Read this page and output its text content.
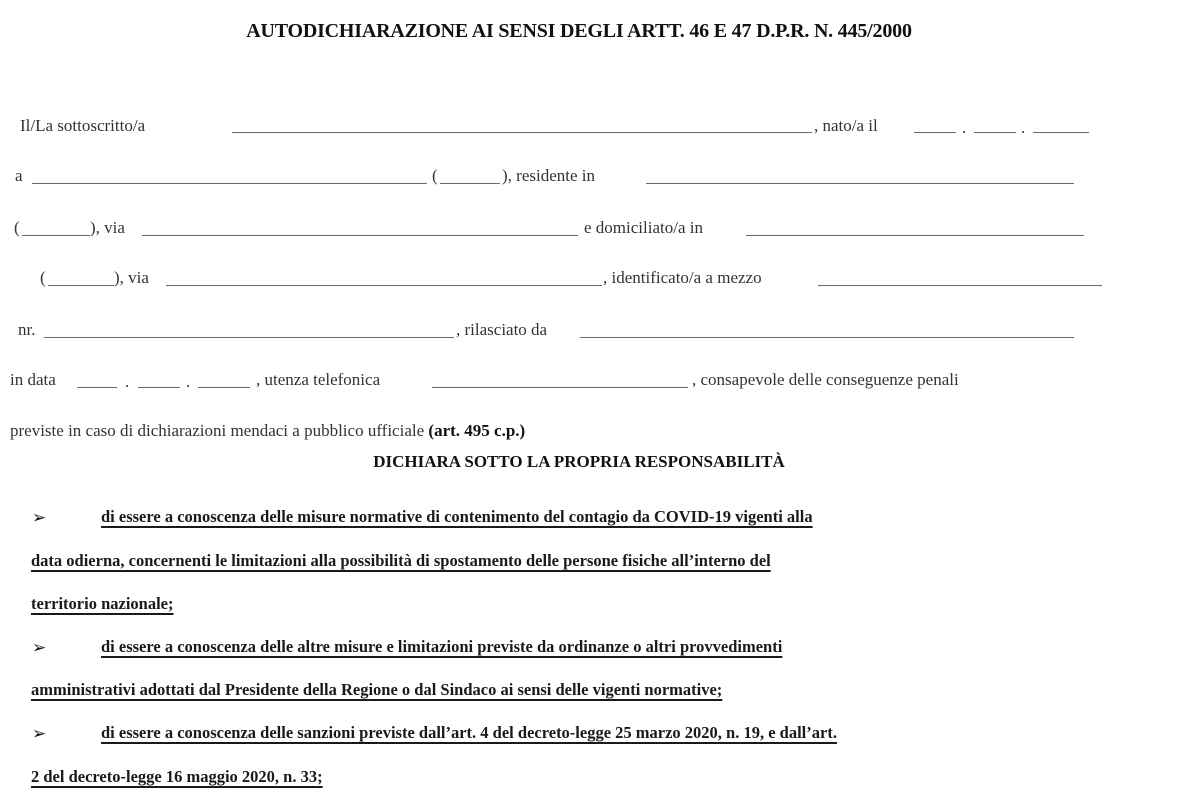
AUTODICHIARAZIONE AI SENSI DEGLI ARTT. 46 E 47 D.P.R. N. 445/2000
Il/La sottoscritto/a	, nato/a il	.	.
a	(	), residente in
(	), via	e domiciliato/a in
(	), via	, identificato/a a mezzo
nr.	, rilasciato da
in data	.	.	, utenza telefonica	, consapevole delle conseguenze penali
previste in caso di dichiarazioni mendaci a pubblico ufficiale (art. 495 c.p.)
DICHIARA SOTTO LA PROPRIA RESPONSABILITÀ
➢	di essere a conoscenza delle misure normative di contenimento del contagio da COVID-19 vigenti alla
data odierna, concernenti le limitazioni alla possibilità di spostamento delle persone fisiche all’interno del
territorio nazionale;
➢	di essere a conoscenza delle altre misure e limitazioni previste da ordinanze o altri provvedimenti
amministrativi adottati dal Presidente della Regione o dal Sindaco ai sensi delle vigenti normative;
➢	di essere a conoscenza delle sanzioni previste dall’art. 4 del decreto-legge 25 marzo 2020, n. 19, e dall’art.
2 del decreto-legge 16 maggio 2020, n. 33;
